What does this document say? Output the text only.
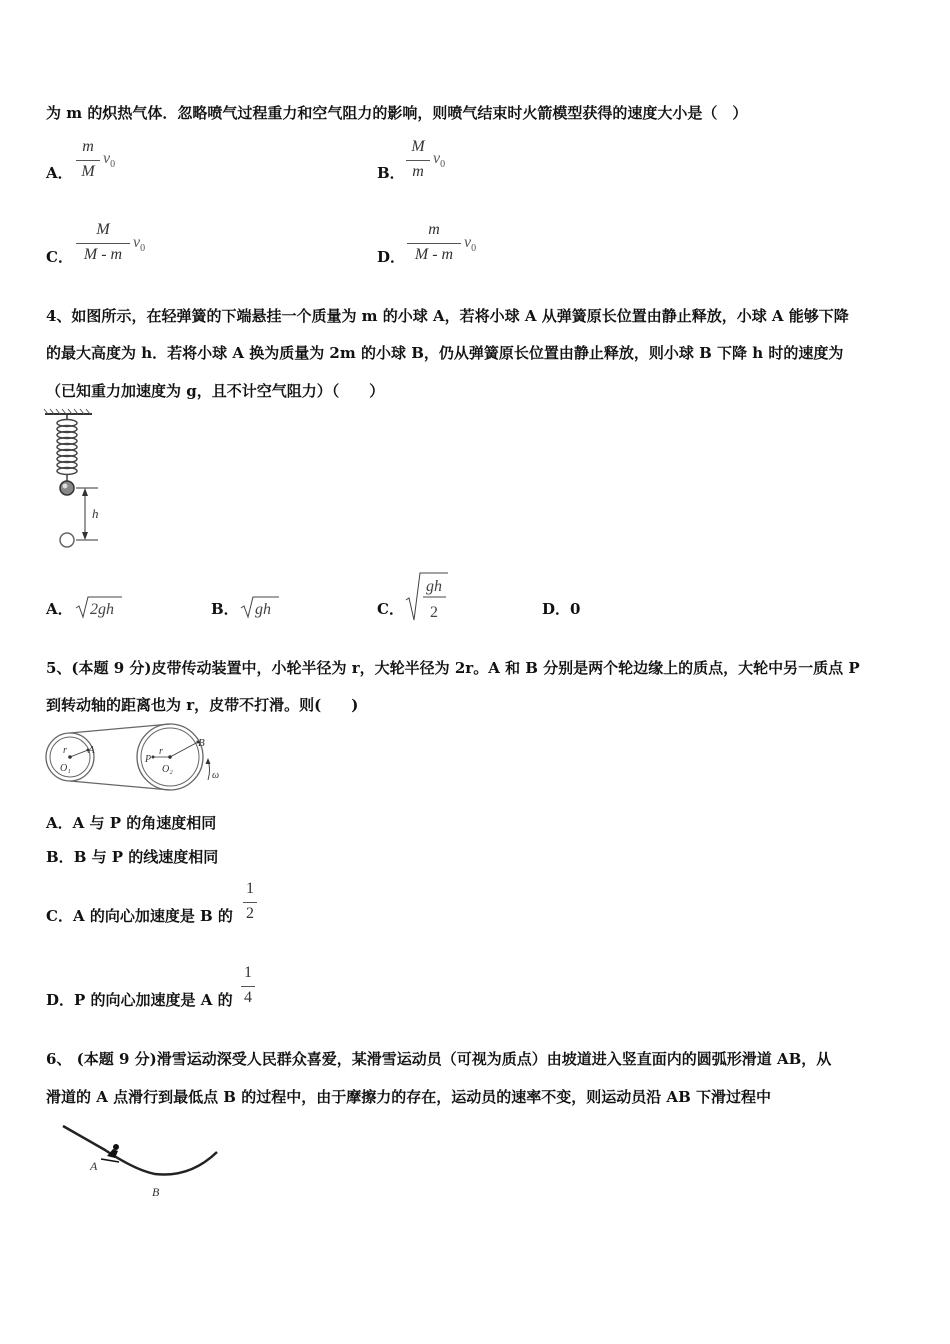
为 m 的炽热气体．忽略喷气过程重力和空气阻力的影响，则喷气结束时火箭模型获得的速度大小是（　）
A．
m
M
$v_0$	B．
M
m
$v_0$
C．
M
M - m
$v_0$	D．
m
M - m
$v_0$
4、如图所示，在轻弹簧的下端悬挂一个质量为 m 的小球 A，若将小球 A 从弹簧原长位置由静止释放，小球 A 能够下降
的最大高度为 h．若将小球 A 换为质量为 2m 的小球 B，仍从弹簧原长位置由静止释放，则小球 B 下降 h 时的速度为
（已知重力加速度为 g，且不计空气阻力）（　　）
h
A． 2gh	B． gh	C．
gh
2	D．0
5、(本题 9 分)皮带传动装置中，小轮半径为 r，大轮半径为 2r。A 和 B 分别是两个轮边缘上的质点，大轮中另一质点 P
到转动轴的距离也为 r，皮带不打滑。则(　　)
r A
O₁
P
r
O₂
B
ω
A．A 与 P 的角速度相同
B．B 与 P 的线速度相同
C．A 的向心加速度是 B 的
1
2
D．P 的向心加速度是 A 的
1
4
6、 (本题 9 分)滑雪运动深受人民群众喜爱，某滑雪运动员（可视为质点）由坡道进入竖直面内的圆弧形滑道 AB，从
滑道的 A 点滑行到最低点 B 的过程中，由于摩擦力的存在，运动员的速率不变，则运动员沿 AB 下滑过程中
A
B
